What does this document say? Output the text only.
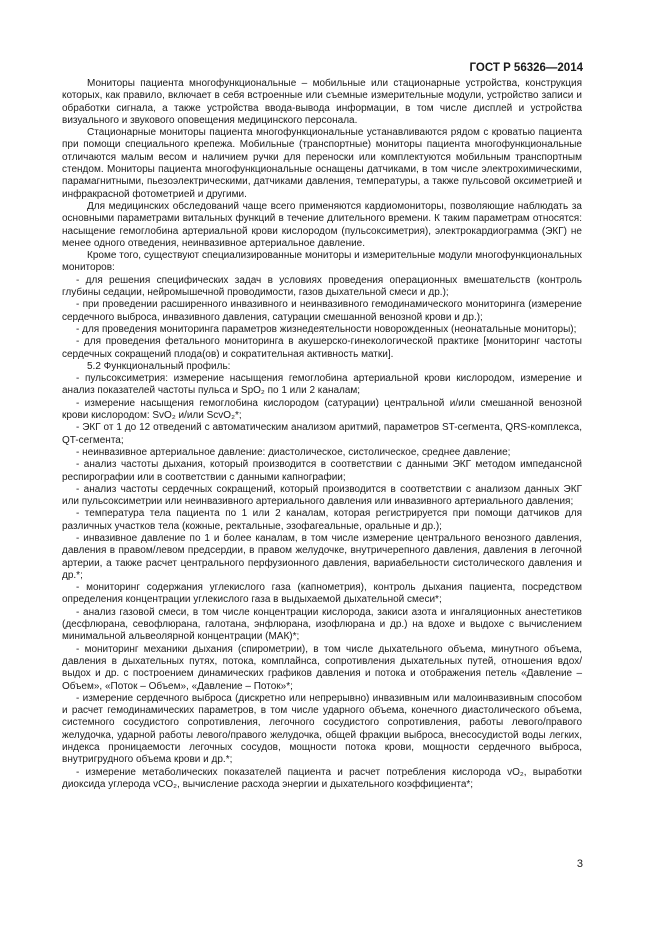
ГОСТ Р 56326—2014

Мониторы пациента многофункциональные – мобильные или стационарные устройства, конструкция которых, как правило, включает в себя встроенные или съемные измерительные модули, устройство записи и обработки сигнала, а также устройства ввода-вывода информации, в том числе дисплей и устройства визуального и звукового оповещения медицинского персонала.

Стационарные мониторы пациента многофункциональные устанавливаются рядом с кроватью пациента при помощи специального крепежа. Мобильные (транспортные) мониторы пациента многофункциональные отличаются малым весом и наличием ручки для переноски или комплектуются мобильным транспортным стендом. Мониторы пациента многофункциональные оснащены датчиками, в том числе электрохимическими, парамагнитными, пьезоэлектрическими, датчиками давления, температуры, а также пульсовой оксиметрией и инфракрасной фотометрией и другими.

Для медицинских обследований чаще всего применяются кардиомониторы, позволяющие наблюдать за основными параметрами витальных функций в течение длительного времени. К таким параметрам относятся: насыщение гемоглобина артериальной крови кислородом (пульсоксиметрия), электрокардиограмма (ЭКГ) не менее одного отведения, неинвазивное артериальное давление.

Кроме того, существуют специализированные мониторы и измерительные модули многофункциональных мониторов:

- для решения специфических задач в условиях проведения операционных вмешательств (контроль глубины седации, нейромышечной проводимости, газов дыхательной смеси и др.);

- при проведении расширенного инвазивного и неинвазивного гемодинамического мониторинга (измерение сердечного выброса, инвазивного давления, сатурации смешанной венозной крови и др.);

- для проведения мониторинга параметров жизнедеятельности новорожденных (неонатальные мониторы);

- для проведения фетального мониторинга в акушерско-гинекологической практике [мониторинг частоты сердечных сокращений плода(ов) и сократительная активность матки].

5.2 Функциональный профиль:

- пульсоксиметрия: измерение насыщения гемоглобина артериальной крови кислородом, измерение и анализ показателей частоты пульса и SpO₂ по 1 или 2 каналам;

- измерение насыщения гемоглобина кислородом (сатурации) центральной и/или смешанной венозной крови кислородом: SvO₂ и/или ScvO₂*;

- ЭКГ от 1 до 12 отведений с автоматическим анализом аритмий, параметров ST-сегмента, QRS-комплекса, QT-сегмента;

- неинвазивное артериальное давление: диастолическое, систолическое, среднее давление;

- анализ частоты дыхания, который производится в соответствии с данными ЭКГ методом импедансной респирографии или в соответствии с данными капнографии;

- анализ частоты сердечных сокращений, который производится в соответствии с анализом данных ЭКГ или пульсоксиметрии или неинвазивного артериального давления или инвазивного артериального давления;

- температура тела пациента по 1 или 2 каналам, которая регистрируется при помощи датчиков для различных участков тела (кожные, ректальные, эзофагеальные, оральные и др.);

- инвазивное давление по 1 и более каналам, в том числе измерение центрального венозного давления, давления в правом/левом предсердии, в правом желудочке, внутричерепного давления, давления в легочной артерии, а также расчет центрального перфузионного давления, вариабельности систолического давления и др.*;

- мониторинг содержания углекислого газа (капнометрия), контроль дыхания пациента, посредством определения концентрации углекислого газа в выдыхаемой дыхательной смеси*;

- анализ газовой смеси, в том числе концентрации кислорода, закиси азота и ингаляционных анестетиков (десфлюрана, севофлюрана, галотана, энфлюрана, изофлюрана и др.) на вдохе и выдохе с вычислением минимальной альвеолярной концентрации (МАК)*;

- мониторинг механики дыхания (спирометрии), в том числе дыхательного объема, минутного объема, давления в дыхательных путях, потока, комплайнса, сопротивления дыхательных путей, отношения вдох/выдох и др. с построением динамических графиков давления и потока и отображения петель «Давление – Объем», «Поток – Объем», «Давление – Поток»*;

- измерение сердечного выброса (дискретно или непрерывно) инвазивным или малоинвазивным способом и расчет гемодинамических параметров, в том числе ударного объема, конечного диастолического объема, системного сосудистого сопротивления, легочного сосудистого сопротивления, работы левого/правого желудочка, ударной работы левого/правого желудочка, общей фракции выброса, внесосудистой воды легких, индекса проницаемости легочных сосудов, мощности потока крови, мощности сердечного выброса, внутригрудного объема крови и др.*;

- измерение метаболических показателей пациента и расчет потребления кислорода vO₂, выработки диоксида углерода vCO₂, вычисление расхода энергии и дыхательного коэффициента*;

3
